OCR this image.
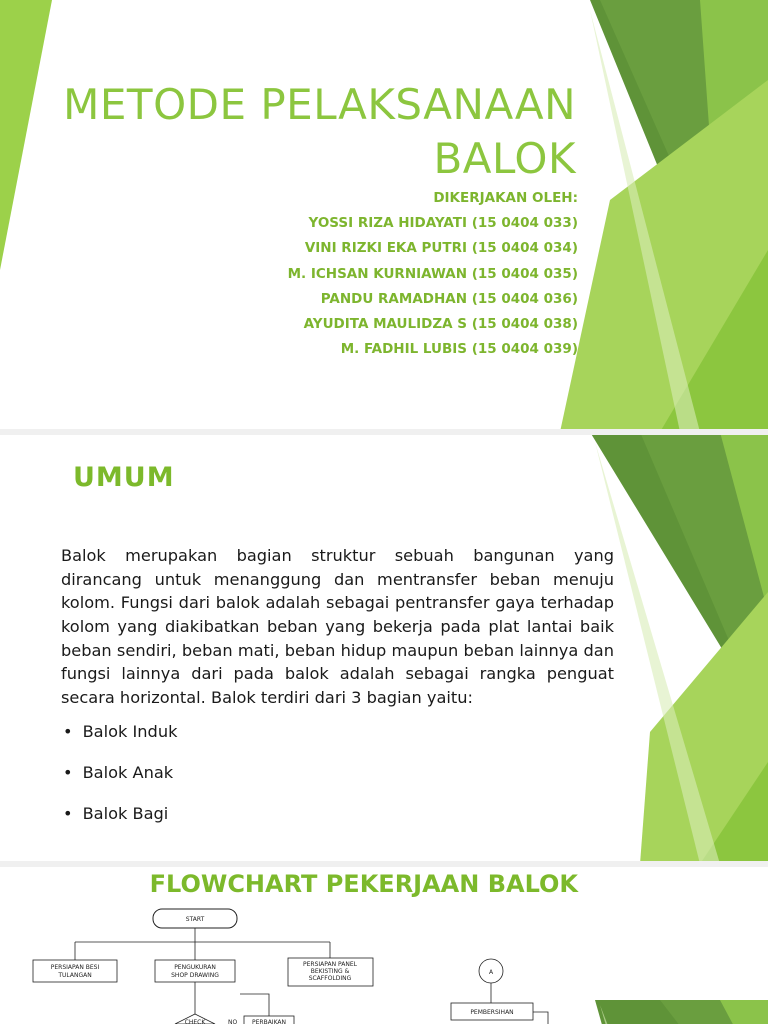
METODE PELAKSANAAN
BALOK
DIKERJAKAN OLEH:
YOSSI RIZA HIDAYATI (15 0404 033)
VINI RIZKI EKA PUTRI (15 0404 034)
M. ICHSAN KURNIAWAN (15 0404 035)
PANDU RAMADHAN (15 0404 036)
AYUDITA MAULIDZA S (15 0404 038)
M. FADHIL LUBIS (15 0404 039)
UMUM

Balok merupakan bagian struktur sebuah bangunan yang dirancang untuk menanggung dan mentransfer beban menuju kolom. Fungsi dari balok adalah sebagai pentransfer gaya terhadap kolom yang diakibatkan beban yang bekerja pada plat lantai baik beban sendiri, beban mati, beban hidup maupun beban lainnya dan fungsi lainnya dari pada balok adalah sebagai rangka penguat secara horizontal. Balok terdiri dari 3 bagian yaitu:

• Balok Induk
• Balok Anak
• Balok Bagi
FLOWCHART PEKERJAAN BALOK
START
PERSIAPAN BESI
TULANGAN
PENGUKURAN
SHOP DRAWING
PERSIAPAN PANEL
BEKISTING &
SCAFFOLDING
CHECK	NO PERBAIKAN
A
PEMBERSIHAN
